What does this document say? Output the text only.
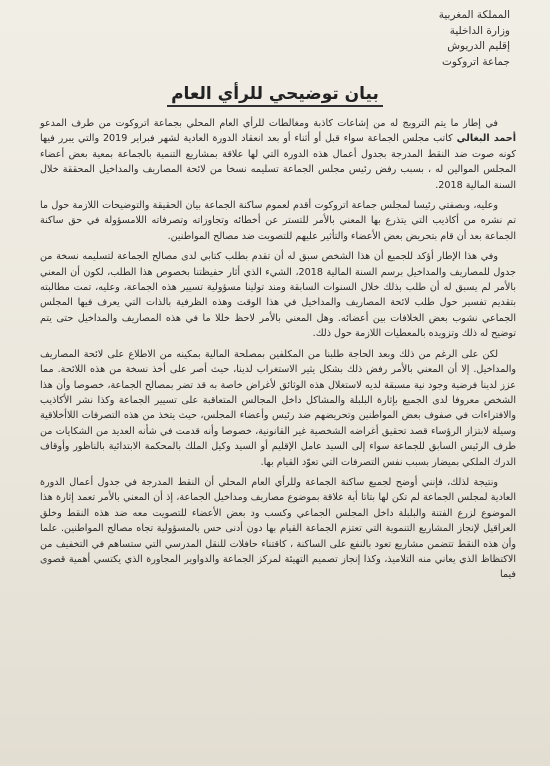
المملكة المغربية
وزارة الداخلية
إقليم الدريوش
جماعة اتروكوت
بيان توضيحي للرأي العام

في إطار ما يتم الترويج له من إشاعات كاذبة ومغالطات للرأي العام المحلي بجماعة اتروكوت من طرف المدعو أحمد البغالي كاتب مجلس الجماعة سواء قبل أو أثناء أو بعد انعقاد الدورة العادية لشهر فبراير 2019 والتي يبرر فيها كونه صوت ضد النقط المدرجة بجدول أعمال هذه الدورة التي لها علاقة بمشاريع التنمية بالجماعة بمعية بعض أعضاء المجلس الموالين له ، بسبب رفض رئيس مجلس الجماعة تسليمه نسخا من لائحة المصاريف والمداخيل المحققة خلال السنة المالية 2018.

وعليه، وبصفتي رئيسا لمجلس جماعة اتروكوت أقدم لعموم ساكنة الجماعة بيان الحقيقة والتوضيحات اللازمة حول ما تم نشره من أكاذيب التي يتذرع بها المعني بالأمر للتستر عن أخطائه وتجاوزاته وتصرفاته اللامسؤولة في حق ساكنة الجماعة بعد أن قام بتحريض بعض الأعضاء والتأثير عليهم للتصويت ضد مصالح المواطنين.

وفي هذا الإطار أؤكد للجميع أن هذا الشخص سبق له أن تقدم بطلب كتابي لدى مصالح الجماعة لتسليمه نسخة من جدول للمصاريف والمداخيل برسم السنة المالية 2018، الشيء الذي أثار حفيظتنا بخصوص هذا الطلب، لكون أن المعني بالأمر لم يسبق له أن طلب بذلك خلال السنوات السابقة ومند تولينا مسؤولية تسيير هذه الجماعة، وعليه، تمت مطالبته بتقديم تفسير حول طلب لائحة المصاريف والمداخيل في هذا الوقت وهذه الظرفية بالذات التي يعرف فيها المجلس الجماعي نشوب بعض الخلافات بين أعضائه. وهل المعني بالأمر لاحظ خللا ما في هذه المصاريف والمداخيل حتى يتم توضيح له ذلك وتزويده بالمعطيات اللازمة حول ذلك.

لكن على الرغم من ذلك وبعد الحاجة طلبنا من المكلفين بمصلحة المالية بمكينه من الاطلاع على لائحة المصاريف والمداخيل. إلا أن المعني بالأمر رفض ذلك بشكل يثير الاستغراب لدينا، حيث أصر على أخذ نسخة من هذه اللائحة. مما عزز لدينا فرضية وجود نية مسبقة لديه لاستغلال هذه الوثائق لأغراض خاصة به قد تضر بمصالح الجماعة، خصوصا وأن هذا الشخص معروفا لدى الجميع بإثارة البلبلة والمشاكل داخل المجالس المتعاقبة على تسيير الجماعة وكذا نشر الأكاذيب والافتراءات في صفوف بعض المواطنين وتحريضهم ضد رئيس وأعضاء المجلس، حيث يتخذ من هذه التصرفات اللاأخلاقية وسيلة لابتزاز الرؤساء قصد تحقيق أغراضه الشخصية غير القانونية، خصوصا وأنه قدمت في شأنه العديد من الشكايات من طرف الرئيس السابق للجماعة سواء إلى السيد عامل الإقليم أو السيد وكيل الملك بالمحكمة الابتدائية بالناظور وأوقاف الدرك الملكي بميضار بسبب نفس التصرفات التي تعوّد القيام بها.

ونتيجة لذلك، فإنني أوضح لجميع ساكنة الجماعة وللرأي العام المحلي أن النقط المدرجة في جدول أعمال الدورة العادية لمجلس الجماعة لم تكن لها بتاتا أية علاقة بموضوع مصاريف ومداخيل الجماعة، إذ أن المعني بالأمر تعمد إثارة هذا الموضوع لزرع الفتنة والبلبلة داخل المجلس الجماعي وكسب ود بعض الأعضاء للتصويت معه ضد هذه النقط وخلق العراقيل لإنجاز المشاريع التنموية التي تعتزم الجماعة القيام بها دون أدنى حس بالمسؤولية تجاه مصالح المواطنين. علما وأن هذه النقط تتضمن مشاريع تعود بالنفع على الساكنة ، كاقتناء حافلات للنقل المدرسي التي ستساهم في التخفيف من الاكتظاظ الذي يعاني منه التلاميذ، وكذا إنجاز تصميم التهيئة لمركز الجماعة والدواوير المجاورة الذي يكتسي أهمية قصوى فيما
